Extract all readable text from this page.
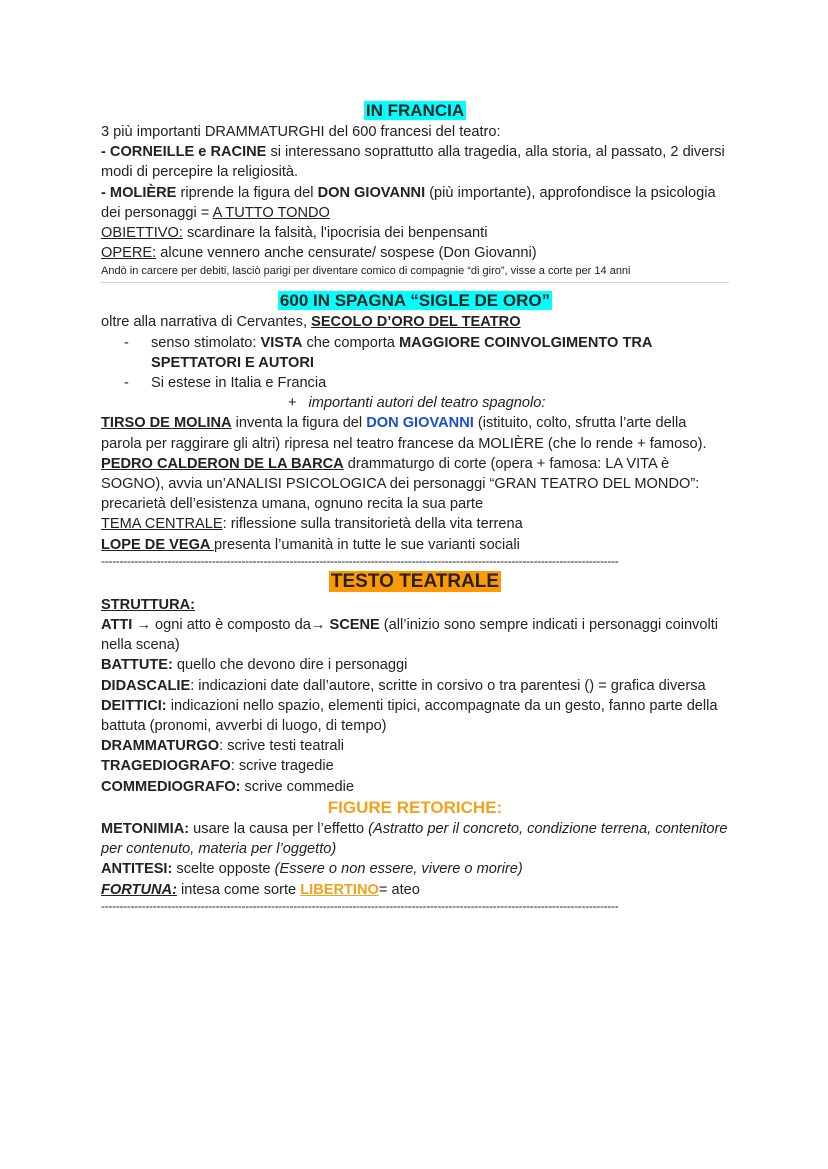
IN FRANCIA

3 più importanti DRAMMATURGHI del 600 francesi del teatro:

- CORNEILLE e RACINE si interessano soprattutto alla tragedia, alla storia, al passato, 2 diversi modi di percepire la religiosità.

- MOLIÈRE riprende la figura del DON GIOVANNI (più importante), approfondisce la psicologia dei personaggi = A TUTTO TONDO

OBIETTIVO: scardinare la falsità, l'ipocrisia dei benpensanti

OPERE: alcune vennero anche censurate/ sospese (Don Giovanni)

Andò in carcere per debiti, lasciò parigi per diventare comico di compagnie “di giro”, visse a corte per 14 anni

600 IN SPAGNA “SIGLE DE ORO”

oltre alla narrativa di Cervantes, SECOLO D’ORO DEL TEATRO

- senso stimolato: VISTA che comporta MAGGIORE COINVOLGIMENTO TRA SPETTATORI E AUTORI
- Si estese in Italia e Francia

+ importanti autori del teatro spagnolo:

TIRSO DE MOLINA inventa la figura del DON GIOVANNI (istituito, colto, sfrutta l’arte della parola per raggirare gli altri) ripresa nel teatro francese da MOLIÈRE (che lo rende + famoso).

PEDRO CALDERON DE LA BARCA drammaturgo di corte (opera + famosa: LA VITA è SOGNO), avvia un’ANALISI PSICOLOGICA dei personaggi “GRAN TEATRO DEL MONDO”: precarietà dell’esistenza umana, ognuno recita la sua parte

TEMA CENTRALE: riflessione sulla transitorietà della vita terrena

LOPE DE VEGA presenta l’umanità in tutte le sue varianti sociali

--------------------------------------------------------------------------------------------------------------------------------------------

TESTO TEATRALE

STRUTTURA:

ATTI → ogni atto è composto da→ SCENE (all’inizio sono sempre indicati i personaggi coinvolti nella scena)

BATTUTE: quello che devono dire i personaggi

DIDASCALIE: indicazioni date dall’autore, scritte in corsivo o tra parentesi () = grafica diversa

DEITTICI: indicazioni nello spazio, elementi tipici, accompagnate da un gesto, fanno parte della battuta (pronomi, avverbi di luogo, di tempo)

DRAMMATURGO: scrive testi teatrali

TRAGEDIOGRAFO: scrive tragedie

COMMEDIOGRAFO: scrive commedie

FIGURE RETORICHE:

METONIMIA: usare la causa per l’effetto (Astratto per il concreto, condizione terrena, contenitore per contenuto, materia per l’oggetto)

ANTITESI: scelte opposte (Essere o non essere, vivere o morire)

FORTUNA: intesa come sorte LIBERTINO= ateo

--------------------------------------------------------------------------------------------------------------------------------------------
